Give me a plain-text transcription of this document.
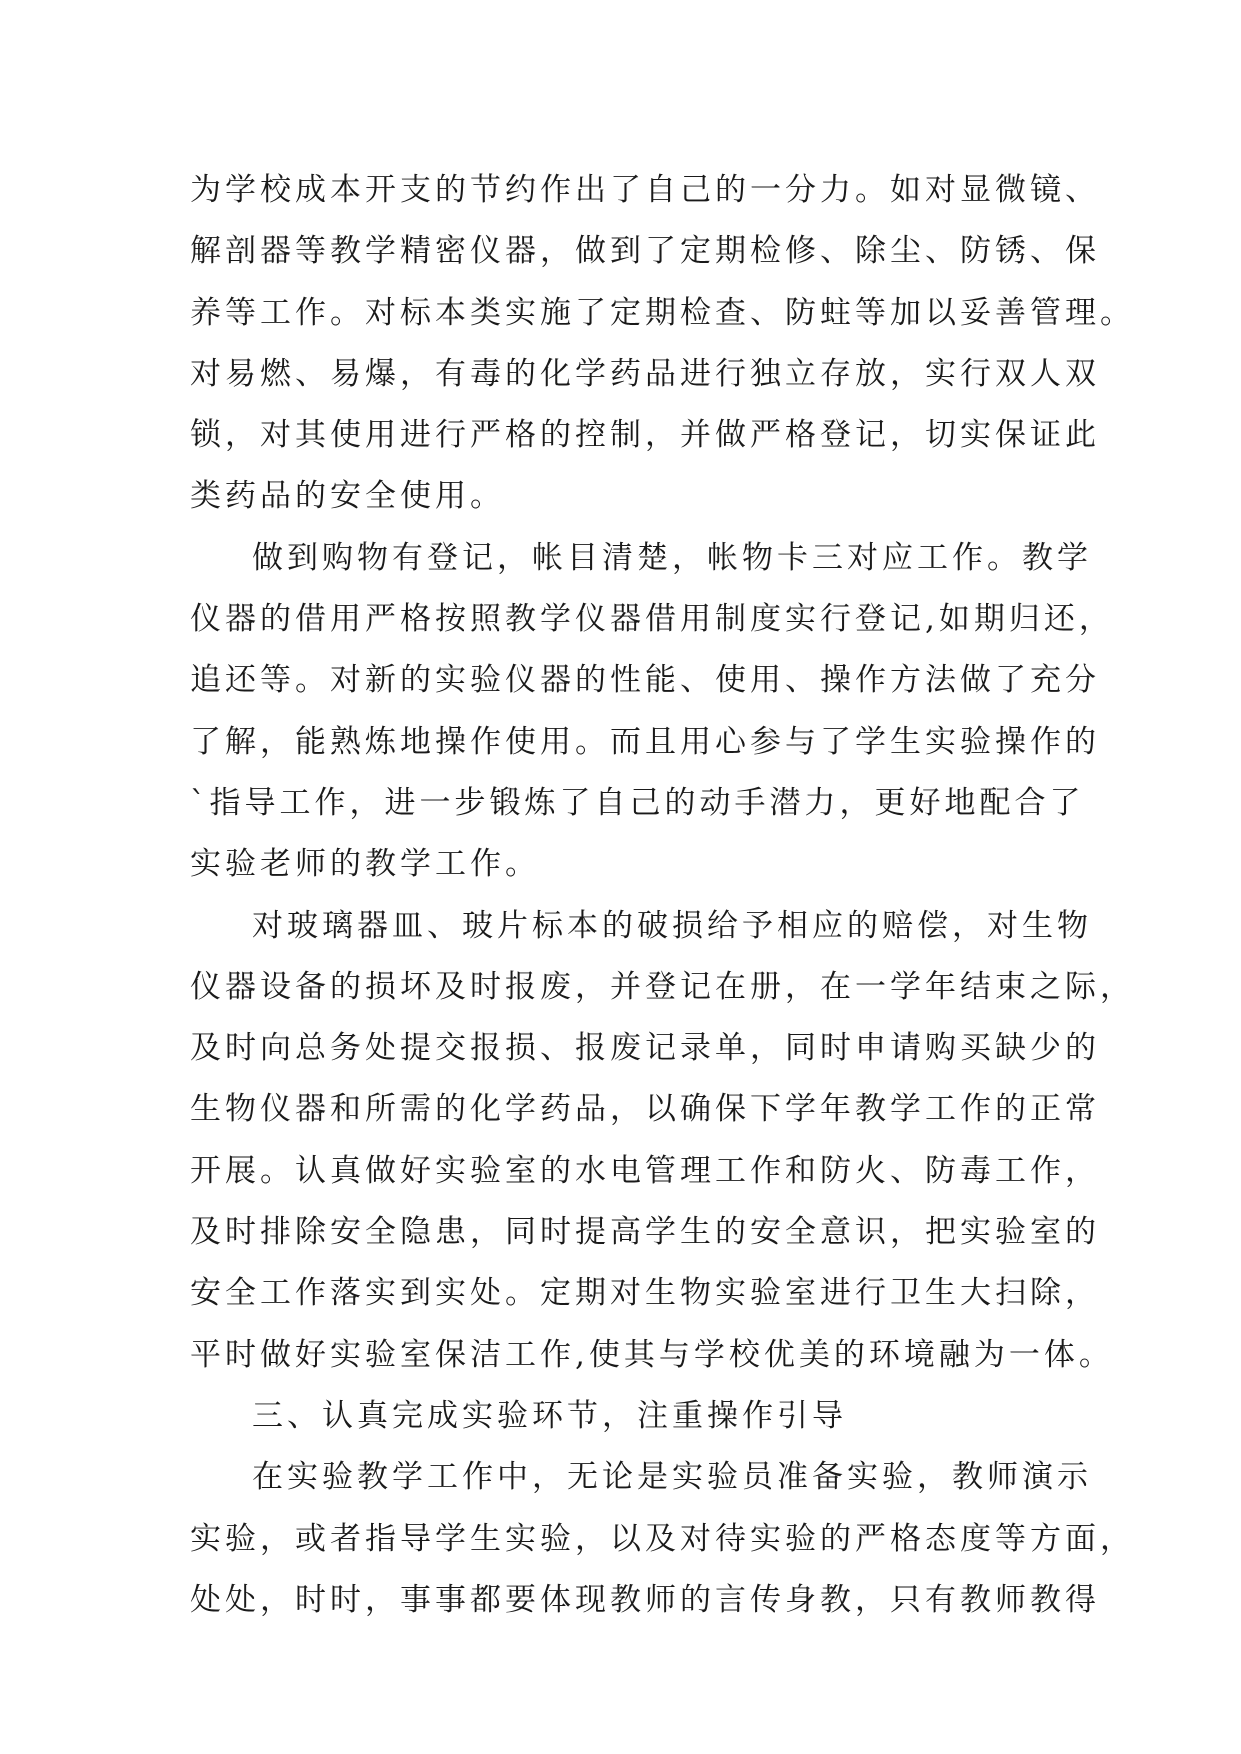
为学校成本开支的节约作出了自己的一分力。如对显微镜、
解剖器等教学精密仪器，做到了定期检修、除尘、防锈、保
养等工作。对标本类实施了定期检查、防蛀等加以妥善管理。
对易燃、易爆，有毒的化学药品进行独立存放，实行双人双
锁，对其使用进行严格的控制，并做严格登记，切实保证此
类药品的安全使用。
做到购物有登记，帐目清楚，帐物卡三对应工作。教学
仪器的借用严格按照教学仪器借用制度实行登记,如期归还，
追还等。对新的实验仪器的性能、使用、操作方法做了充分
了解，能熟炼地操作使用。而且用心参与了学生实验操作的
`指导工作，进一步锻炼了自己的动手潜力，更好地配合了
实验老师的教学工作。
对玻璃器皿、玻片标本的破损给予相应的赔偿，对生物
仪器设备的损坏及时报废，并登记在册，在一学年结束之际，
及时向总务处提交报损、报废记录单，同时申请购买缺少的
生物仪器和所需的化学药品，以确保下学年教学工作的正常
开展。认真做好实验室的水电管理工作和防火、防毒工作，
及时排除安全隐患，同时提高学生的安全意识，把实验室的
安全工作落实到实处。定期对生物实验室进行卫生大扫除，
平时做好实验室保洁工作,使其与学校优美的环境融为一体。
三、认真完成实验环节，注重操作引导
在实验教学工作中，无论是实验员准备实验，教师演示
实验，或者指导学生实验，以及对待实验的严格态度等方面，
处处，时时，事事都要体现教师的言传身教，只有教师教得
